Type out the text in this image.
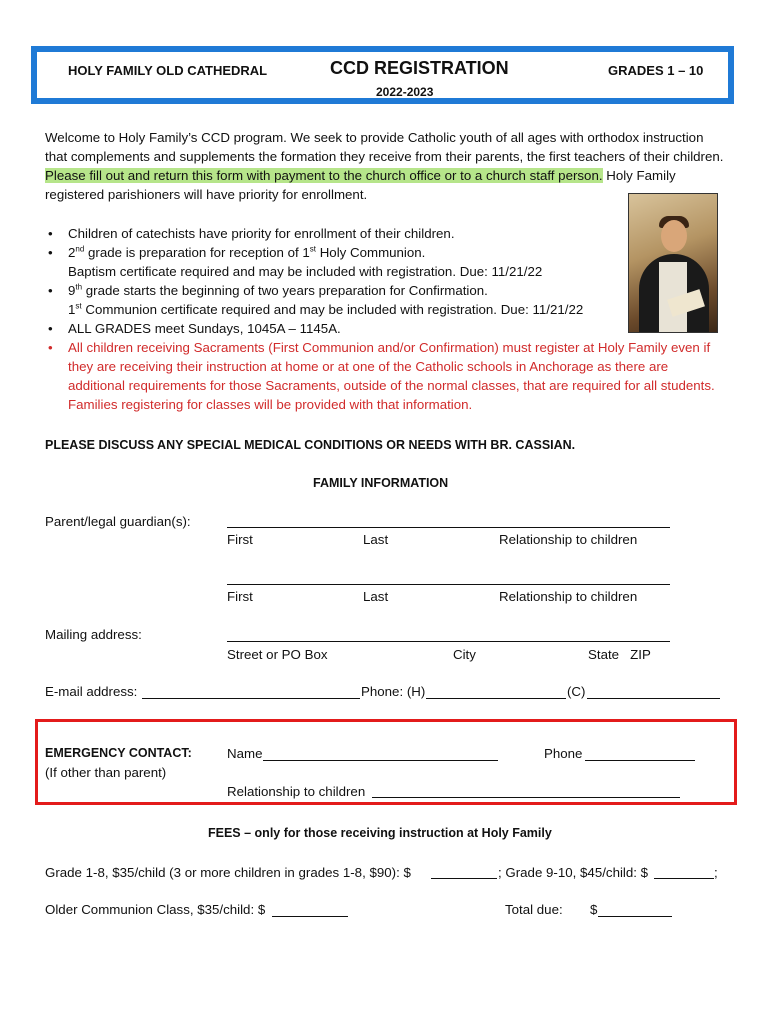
HOLY FAMILY OLD CATHEDRAL	CCD REGISTRATION	GRADES 1 – 10
2022-2023
Welcome to Holy Family’s CCD program. We seek to provide Catholic youth of all ages with orthodox instruction that complements and supplements the formation they receive from their parents, the first teachers of their children. Please fill out and return this form with payment to the church office or to a church staff person. Holy Family registered parishioners will have priority for enrollment.
• Children of catechists have priority for enrollment of their children.
• 2nd grade is preparation for reception of 1st Holy Communion.
Baptism certificate required and may be included with registration. Due: 11/21/22
• 9th grade starts the beginning of two years preparation for Confirmation.
1st Communion certificate required and may be included with registration. Due: 11/21/22
• ALL GRADES meet Sundays, 1045A – 1145A.
• All children receiving Sacraments (First Communion and/or Confirmation) must register at Holy Family even if they are receiving their instruction at home or at one of the Catholic schools in Anchorage as there are additional requirements for those Sacraments, outside of the normal classes, that are required for all students. Families registering for classes will be provided with that information.
PLEASE DISCUSS ANY SPECIAL MEDICAL CONDITIONS OR NEEDS WITH BR. CASSIAN.
FAMILY INFORMATION
Parent/legal guardian(s):
First	Last	Relationship to children
First	Last	Relationship to children
Mailing address:
Street or PO Box	City	State   ZIP
E-mail address:	Phone: (H)	(C)
EMERGENCY CONTACT:
(If other than parent)
Name	Phone
Relationship to children
FEES – only for those receiving instruction at Holy Family
Grade 1-8, $35/child (3 or more children in grades 1-8, $90): $	; Grade 9-10, $45/child: $	;
Older Communion Class, $35/child: $	Total due: $
